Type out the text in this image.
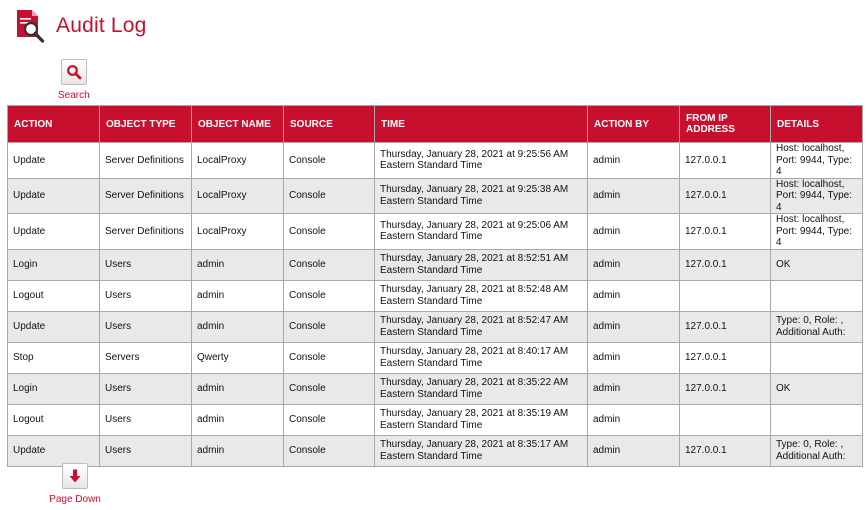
Audit Log
Search
ACTION	OBJECT TYPE	OBJECT NAME	SOURCE	TIME	ACTION BY	FROM IP ADDRESS	DETAILS
Update	Server Definitions	LocalProxy	Console	Thursday, January 28, 2021 at 9:25:56 AM Eastern Standard Time	admin	127.0.0.1	Host: localhost, Port: 9944, Type: 4
Update	Server Definitions	LocalProxy	Console	Thursday, January 28, 2021 at 9:25:38 AM Eastern Standard Time	admin	127.0.0.1	Host: localhost, Port: 9944, Type: 4
Update	Server Definitions	LocalProxy	Console	Thursday, January 28, 2021 at 9:25:06 AM Eastern Standard Time	admin	127.0.0.1	Host: localhost, Port: 9944, Type: 4
Login	Users	admin	Console	Thursday, January 28, 2021 at 8:52:51 AM Eastern Standard Time	admin	127.0.0.1	OK
Logout	Users	admin	Console	Thursday, January 28, 2021 at 8:52:48 AM Eastern Standard Time	admin		
Update	Users	admin	Console	Thursday, January 28, 2021 at 8:52:47 AM Eastern Standard Time	admin	127.0.0.1	Type: 0, Role: , Additional Auth:
Stop	Servers	Qwerty	Console	Thursday, January 28, 2021 at 8:40:17 AM Eastern Standard Time	admin	127.0.0.1	
Login	Users	admin	Console	Thursday, January 28, 2021 at 8:35:22 AM Eastern Standard Time	admin	127.0.0.1	OK
Logout	Users	admin	Console	Thursday, January 28, 2021 at 8:35:19 AM Eastern Standard Time	admin		
Update	Users	admin	Console	Thursday, January 28, 2021 at 8:35:17 AM Eastern Standard Time	admin	127.0.0.1	Type: 0, Role: , Additional Auth:
Page Down
